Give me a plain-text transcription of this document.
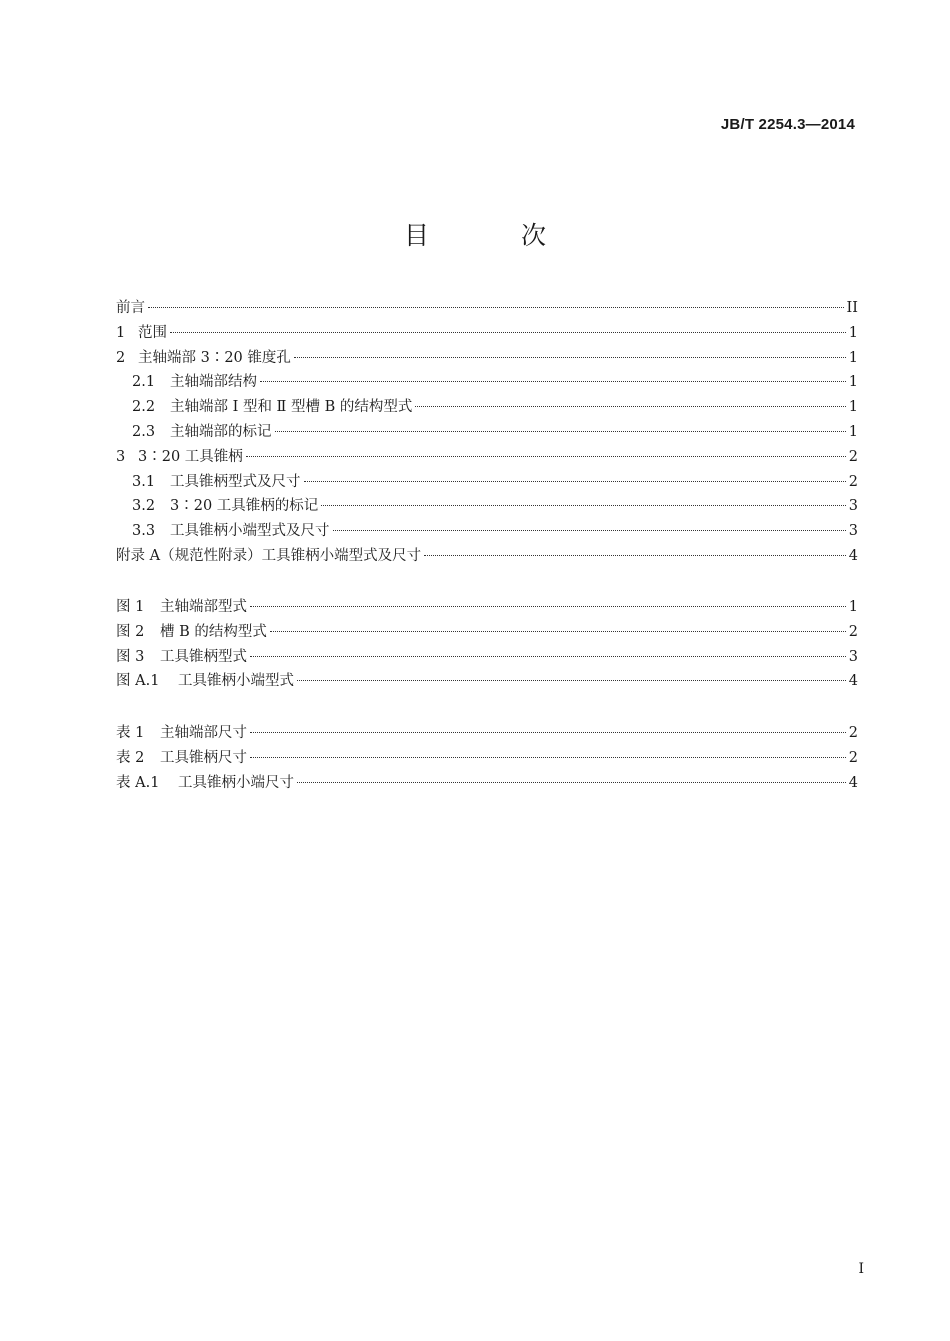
JB/T 2254.3—2014
目 次
前言	II
1 范围	1
2 主轴端部 3∶20 锥度孔	1
2.1	主轴端部结构	1
2.2	主轴端部 Ⅰ 型和 Ⅱ 型槽 B 的结构型式	1
2.3	主轴端部的标记	1
3 3∶20 工具锥柄	2
3.1	工具锥柄型式及尺寸	2
3.2	3∶20 工具锥柄的标记	3
3.3	工具锥柄小端型式及尺寸	3
附录 A（规范性附录）工具锥柄小端型式及尺寸	4
图 1	主轴端部型式	1
图 2	槽 B 的结构型式	2
图 3	工具锥柄型式	3
图 A.1	工具锥柄小端型式	4
表 1	主轴端部尺寸	2
表 2	工具锥柄尺寸	2
表 A.1	工具锥柄小端尺寸	4
I
